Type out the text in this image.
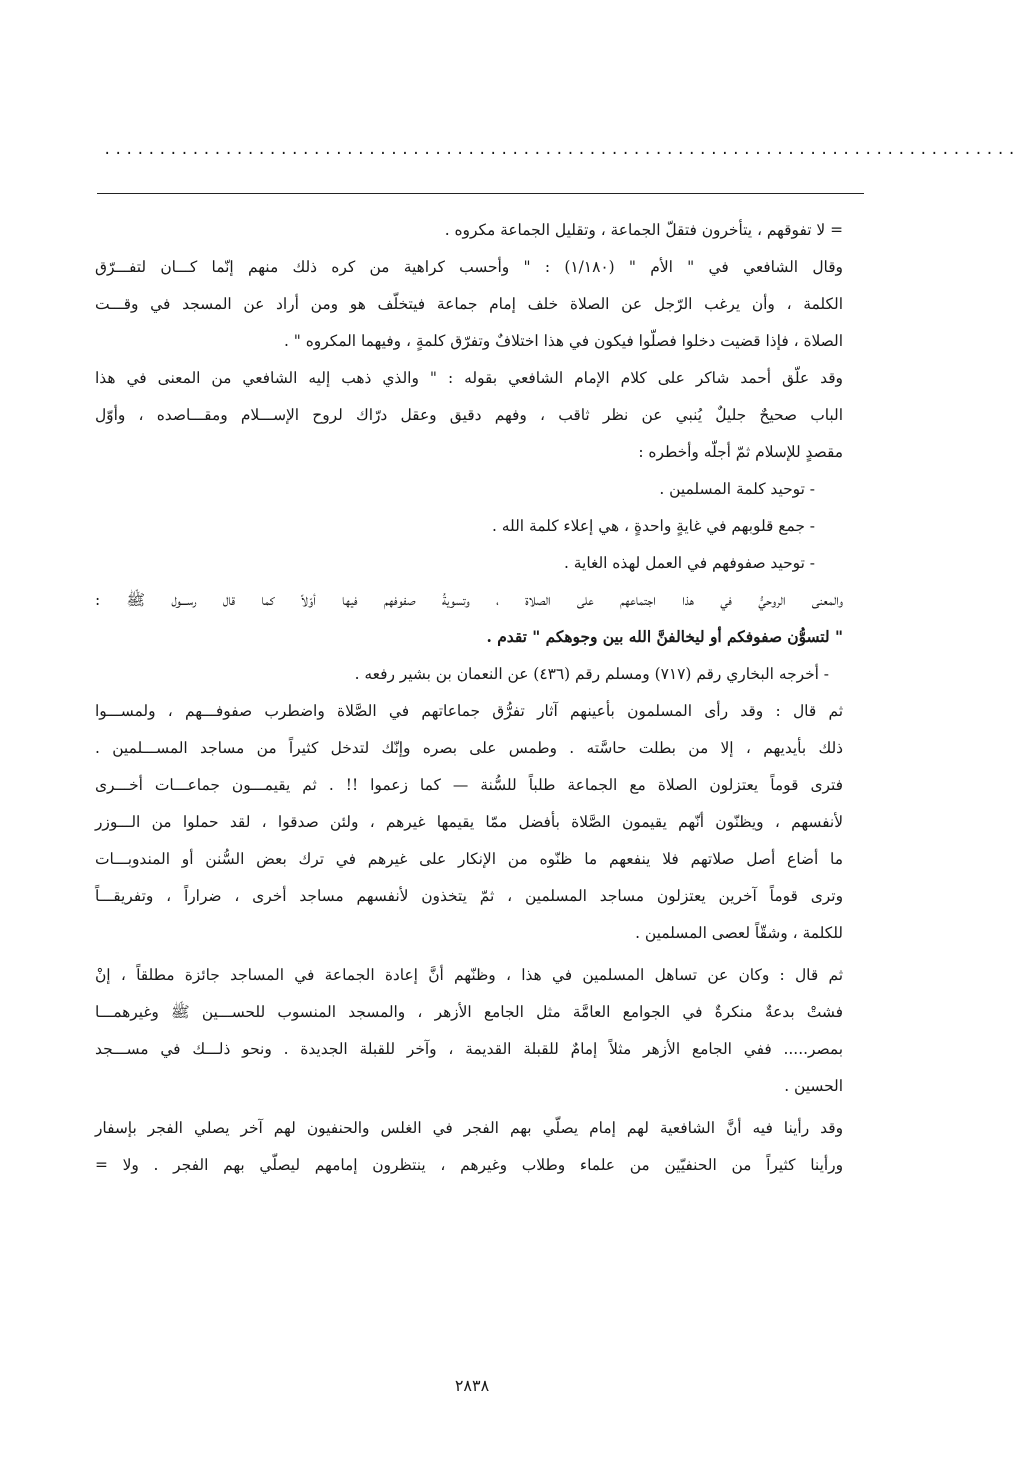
...................................................................................
= لا تفوقهم ، يتأخرون فتقلّ الجماعة ، وتقليل الجماعة مكروه .
وقال الشافعي في " الأم " (١/١٨٠) : " وأحسب كراهية من كره ذلك منهم إنّما كـــان لتفـــرّق
الكلمة ، وأن يرغب الرّجل عن الصلاة خلف إمام جماعة فيتخلّف هو ومن أراد عن المسجد في وقـــت
الصلاة ، فإذا قضيت دخلوا فصلّوا فيكون في هذا اختلافٌ وتفرّق كلمةٍ ، وفيهما المكروه " .
وقد علّق أحمد شاكر على كلام الإمام الشافعي بقوله : " والذي ذهب إليه الشافعي من المعنى في هذا
الباب صحيحٌ جليلٌ يُنبي عن نظر ثاقب ، وفهم دقيق وعقل درّاك لروح الإســـلام ومقـــاصده ، وأوّل
مقصدٍ للإسلام ثمّ أجلّه وأخطره :
- توحيد كلمة المسلمين .
- جمع قلوبهم في غايةٍ واحدةٍ ، هي إعلاء كلمة الله .
- توحيد صفوفهم في العمل لهذه الغاية .
والمعنى الروحيُّ في هذا اجتماعهم على الصلاة ، وتسويةُ صفوفهم فيها أوّلاً كما قال رســـول ﷺ :
" لتسوُّن صفوفكم أو ليخالفنَّ الله بين وجوهكم " تقدم .
- أخرجه البخاري رقم (٧١٧) ومسلم رقم (٤٣٦) عن النعمان بن بشير رفعه .
ثم قال : وقد رأى المسلمون بأعينهم آثار تفرُّق جماعاتهم في الصَّلاة واضطرب صفوفـــهم ، ولمســـوا
ذلك بأيديهم ، إلا من بطلت حاسَّته . وطمس على بصره وإنّك لتدخل كثيراً من مساجد المســـلمين .
فترى قوماً يعتزلون الصلاة مع الجماعة طلباً للسُّنة — كما زعموا !! . ثم يقيمـــون جماعـــات أخـــرى
لأنفسهم ، ويظنّون أنّهم يقيمون الصَّلاة بأفضل ممّا يقيمها غيرهم ، ولئن صدقوا ، لقد حملوا من الـــوزر
ما أضاع أصل صلاتهم فلا ينفعهم ما ظنّوه من الإنكار على غيرهم في ترك بعض السُّنن أو المندوبـــات
وترى قوماً آخرين يعتزلون مساجد المسلمين ، ثمّ يتخذون لأنفسهم مساجد أخرى ، ضراراً ، وتفريقـــاً
للكلمة ، وشقّاً لعصى المسلمين .
ثم قال : وكان عن تساهل المسلمين في هذا ، وظنّهم أنَّ إعادة الجماعة في المساجد جائزة مطلقاً ، إنْ
فشتْ بدعةٌ منكرةٌ في الجوامع العامَّة مثل الجامع الأزهر ، والمسجد المنسوب للحســـين ﷺ وغيرهمـــا
بمصر..... ففي الجامع الأزهر مثلاً إمامٌ للقبلة القديمة ، وآخر للقبلة الجديدة . ونحو ذلـــك في مســـجد
الحسين .
وقد رأينا فيه أنَّ الشافعية لهم إمام يصلّي بهم الفجر في الغلس والحنفيون لهم آخر يصلي الفجر بإسفار
ورأينا كثيراً من الحنفيّين من علماء وطلاب وغيرهم ، ينتظرون إمامهم ليصلّي بهم الفجر . ولا =
٢٨٣٨
